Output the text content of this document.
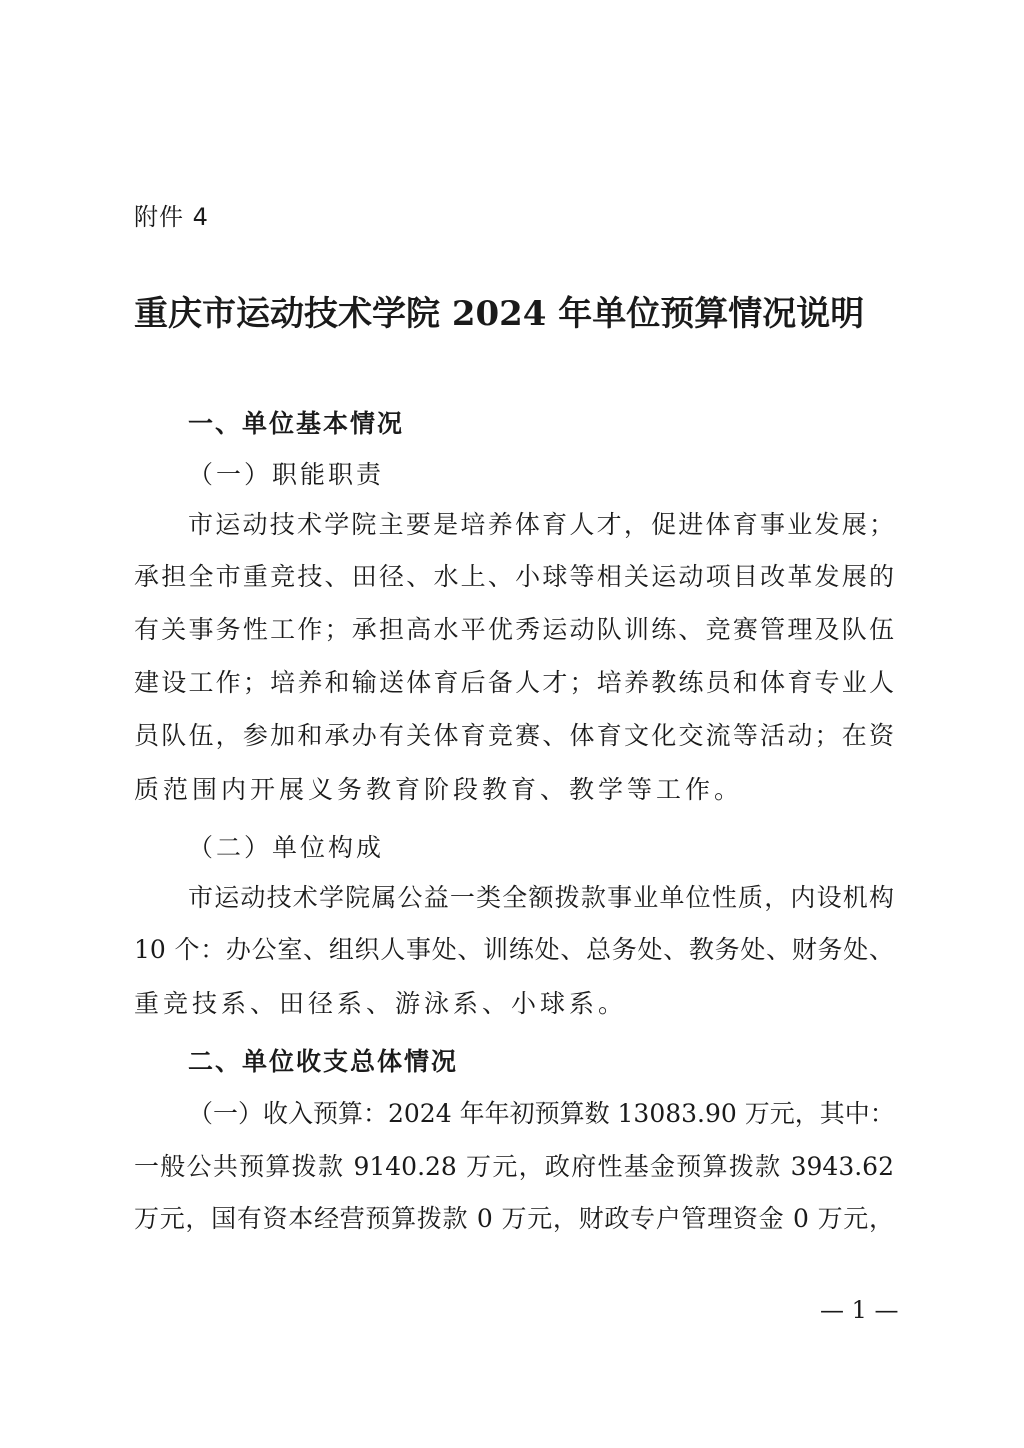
附件 4
重庆市运动技术学院 2024 年单位预算情况说明
一、单位基本情况
（一）职能职责
市运动技术学院主要是培养体育人才，促进体育事业发展；
承担全市重竞技、田径、水上、小球等相关运动项目改革发展的
有关事务性工作；承担高水平优秀运动队训练、竞赛管理及队伍
建设工作；培养和输送体育后备人才；培养教练员和体育专业人
员队伍，参加和承办有关体育竞赛、体育文化交流等活动；在资
质范围内开展义务教育阶段教育、教学等工作。
（二）单位构成
市运动技术学院属公益一类全额拨款事业单位性质，内设机构
10 个：办公室、组织人事处、训练处、总务处、教务处、财务处、
重竞技系、田径系、游泳系、小球系。
二、单位收支总体情况
（一）收入预算：2024 年年初预算数 13083.90 万元，其中：
一般公共预算拨款 9140.28 万元，政府性基金预算拨款 3943.62
万元，国有资本经营预算拨款 0 万元，财政专户管理资金 0 万元，
— 1 —
